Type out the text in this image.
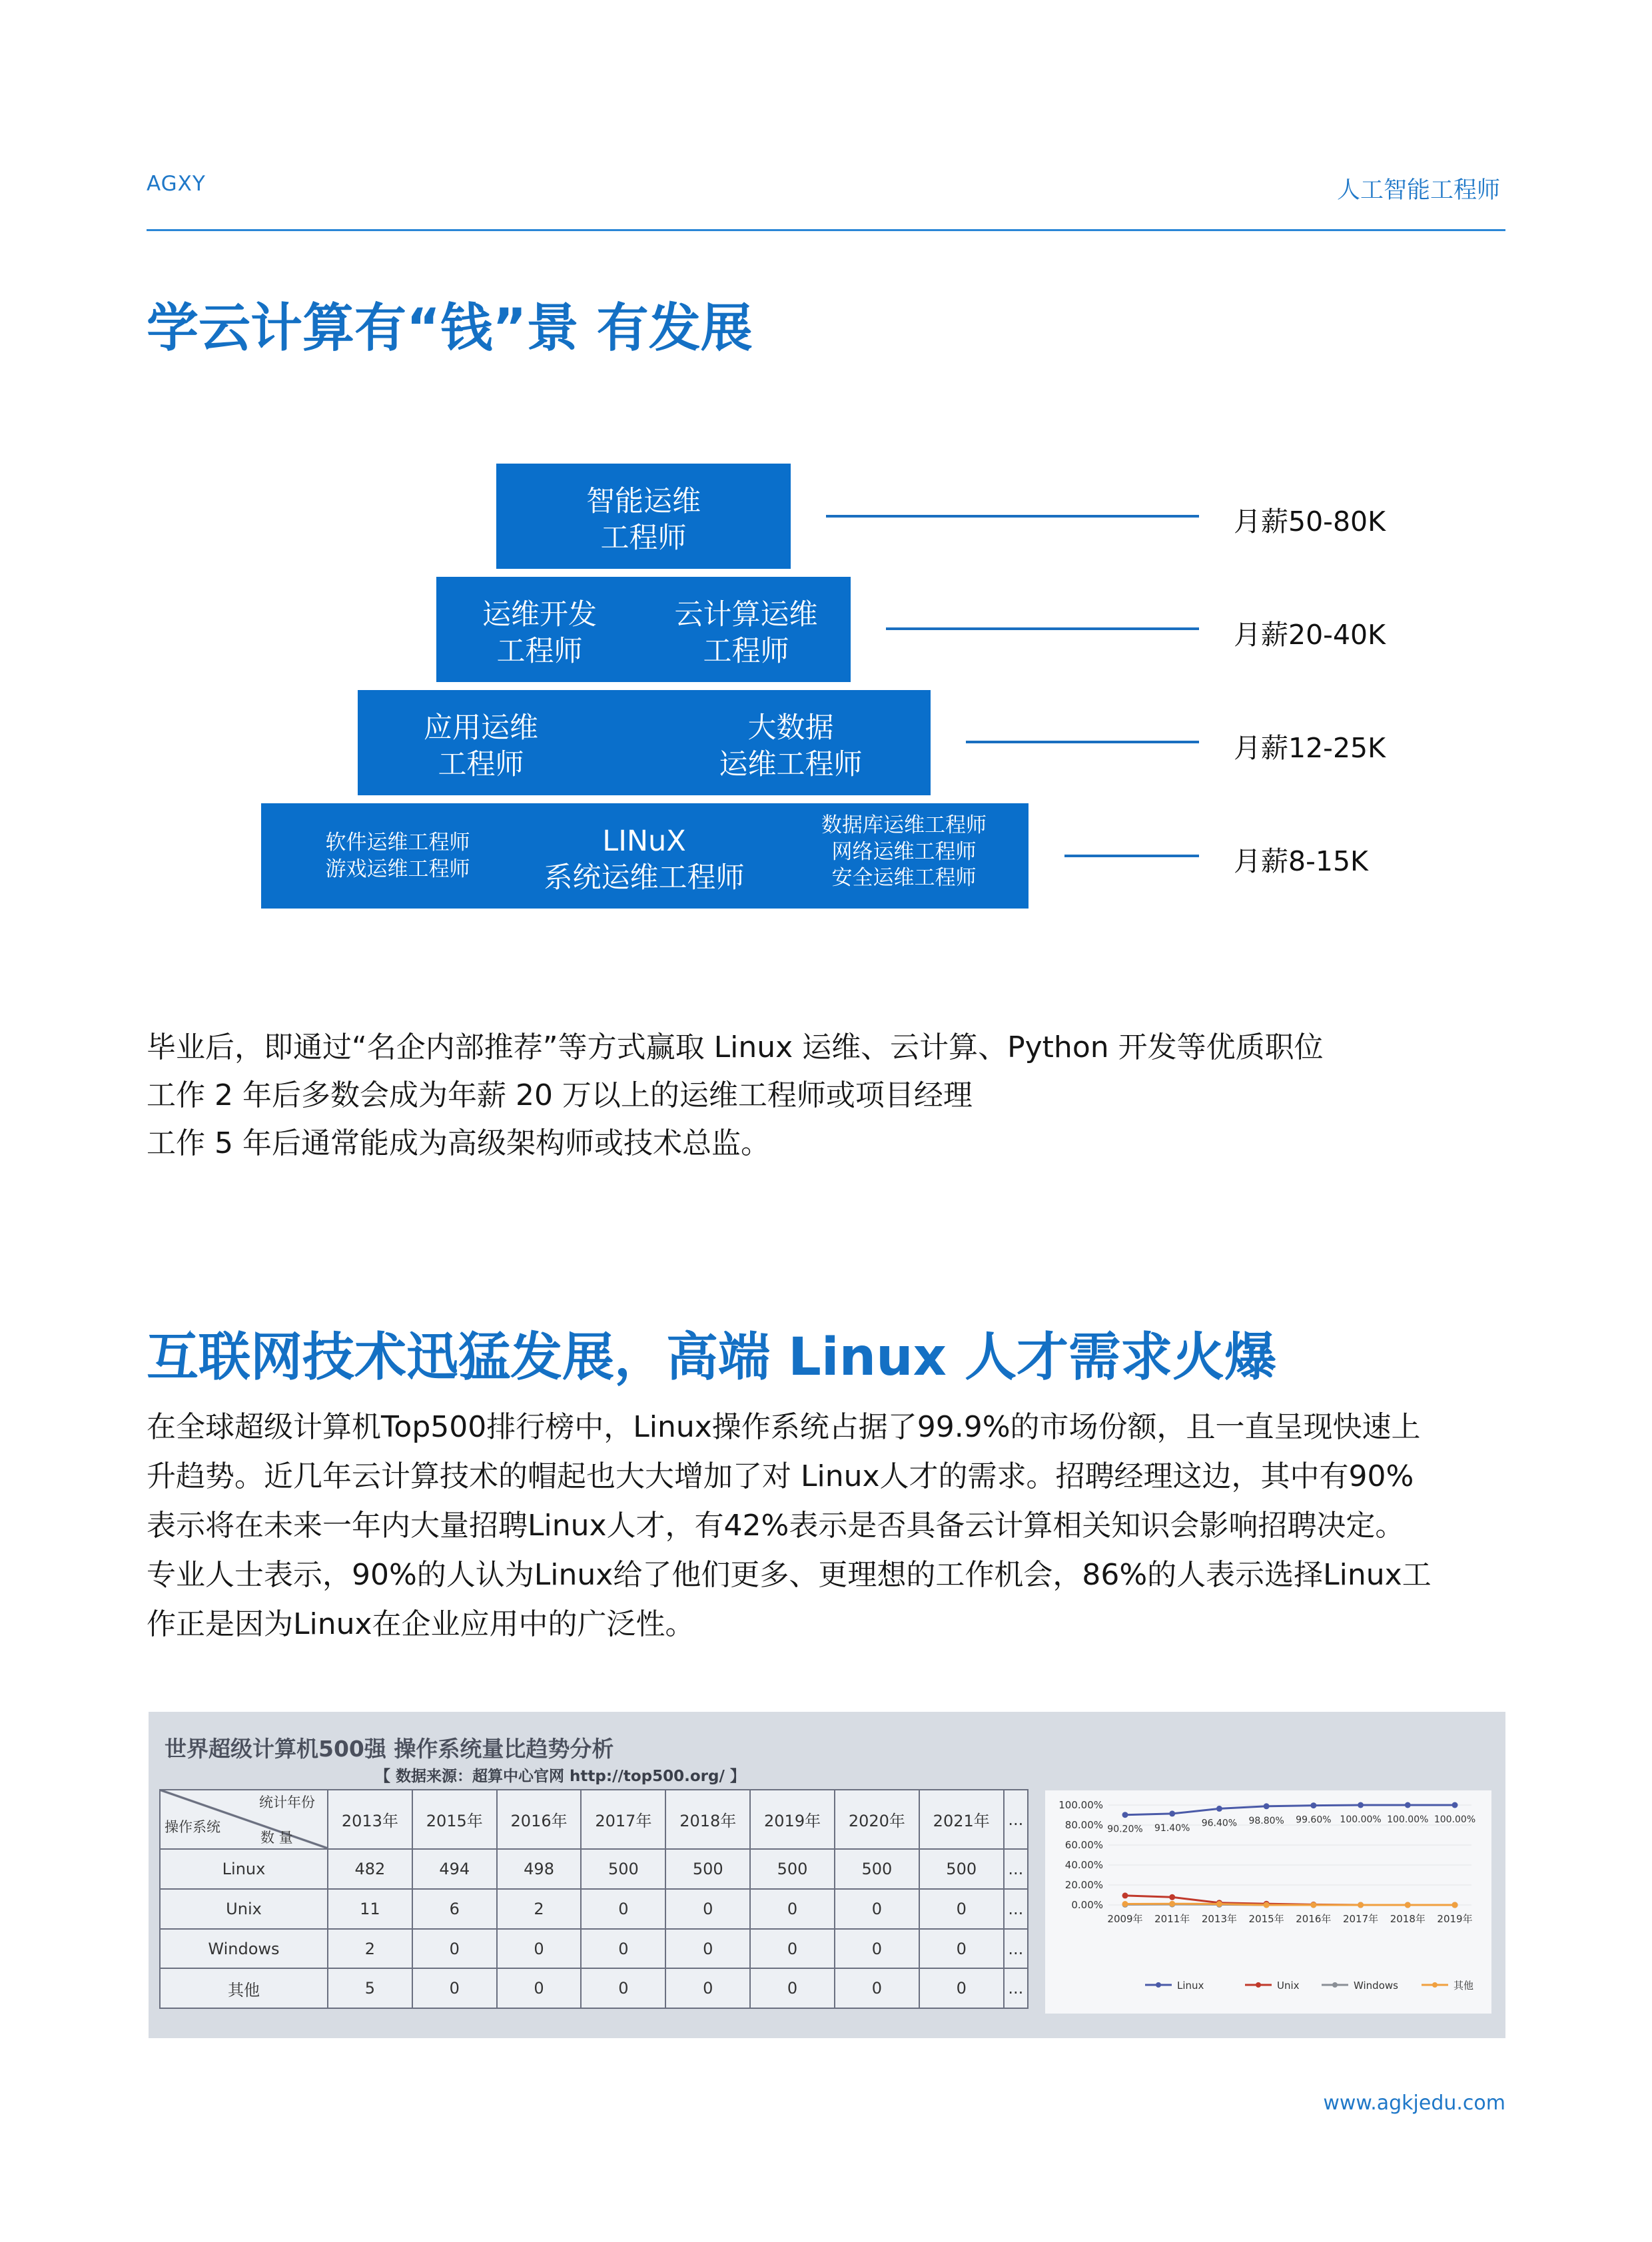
AGXY	人工智能工程师
学云计算有“钱”景 有发展
智能运维
工程师
月薪50-80K
运维开发
工程师
云计算运维
工程师
月薪20-40K
应用运维
工程师
大数据
运维工程师
月薪12-25K
软件运维工程师
游戏运维工程师
LINuX
系统运维工程师
数据库运维工程师
网络运维工程师
安全运维工程师
月薪8-15K
毕业后，即通过“名企内部推荐”等方式赢取 Linux 运维、云计算、Python 开发等优质职位
工作 2 年后多数会成为年薪 20 万以上的运维工程师或项目经理
工作 5 年后通常能成为高级架构师或技术总监。
互联网技术迅猛发展，高端 Linux 人才需求火爆
在全球超级计算机Top500排行榜中，Linux操作系统占据了99.9%的市场份额，且一直呈现快速上
升趋势。近几年云计算技术的帽起也大大增加了对 Linux人才的需求。招聘经理这边，其中有90%
表示将在未来一年内大量招聘Linux人才，有42%表示是否具备云计算相关知识会影响招聘决定。
专业人士表示，90%的人认为Linux给了他们更多、更理想的工作机会，86%的人表示选择Linux工
作正是因为Linux在企业应用中的广泛性。
世界超级计算机500强 操作系统量比趋势分析
【 数据来源：超算中心官网 http://top500.org/ 】
统计年份
操作系统
数 量	2013年	2015年	2016年	2017年	2018年	2019年	2020年	2021年	...
Linux	482	494	498	500	500	500	500	500	...
Unix	11	6	2	0	0	0	0	0	...
Windows	2	0	0	0	0	0	0	0	...
其他	5	0	0	0	0	0	0	0	...
100.00%
80.00%
60.00%
40.00%
20.00%
0.00%
2009年 2011年 2013年 2015年 2016年 2017年 2018年 2019年
90.20% 91.40% 96.40% 98.80% 99.60% 100.00% 100.00% 100.00%
Linux	Unix	Windows	其他
www.agkjedu.com
